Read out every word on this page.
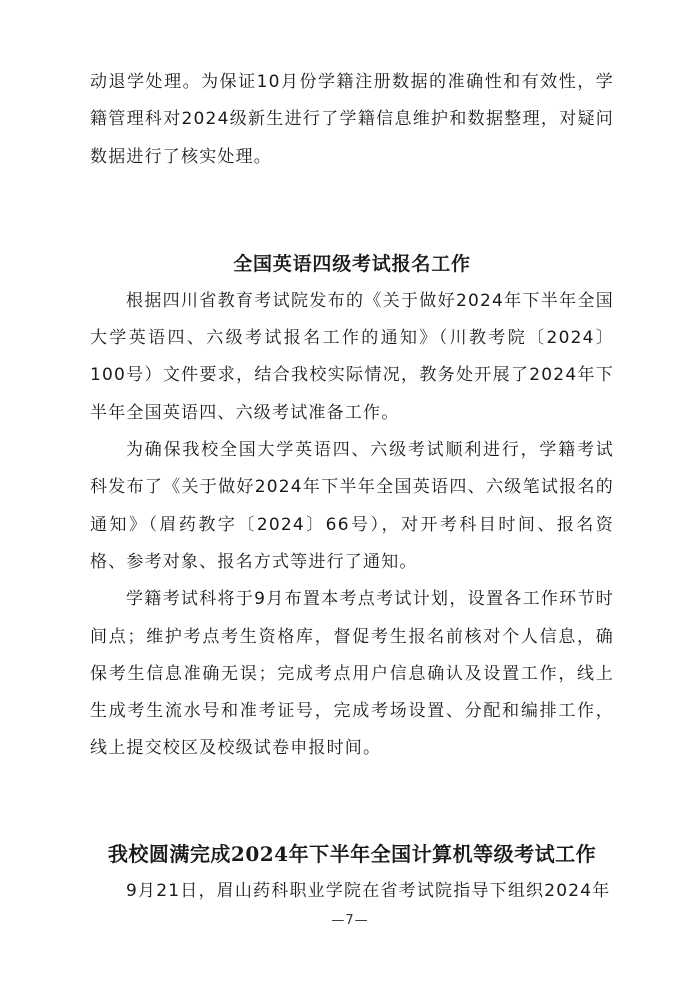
动退学处理。为保证10月份学籍注册数据的准确性和有效性，学籍管理科对2024级新生进行了学籍信息维护和数据整理，对疑问数据进行了核实处理。

全国英语四级考试报名工作

根据四川省教育考试院发布的《关于做好2024年下半年全国大学英语四、六级考试报名工作的通知》（川教考院〔2024〕100号）文件要求，结合我校实际情况，教务处开展了2024年下半年全国英语四、六级考试准备工作。

为确保我校全国大学英语四、六级考试顺利进行，学籍考试科发布了《关于做好2024年下半年全国英语四、六级笔试报名的通知》（眉药教字〔2024〕66号），对开考科目时间、报名资格、参考对象、报名方式等进行了通知。

学籍考试科将于9月布置本考点考试计划，设置各工作环节时间点；维护考点考生资格库，督促考生报名前核对个人信息，确保考生信息准确无误；完成考点用户信息确认及设置工作，线上生成考生流水号和准考证号，完成考场设置、分配和编排工作，线上提交校区及校级试卷申报时间。

我校圆满完成2024年下半年全国计算机等级考试工作

9月21日，眉山药科职业学院在省考试院指导下组织2024年

—7—
